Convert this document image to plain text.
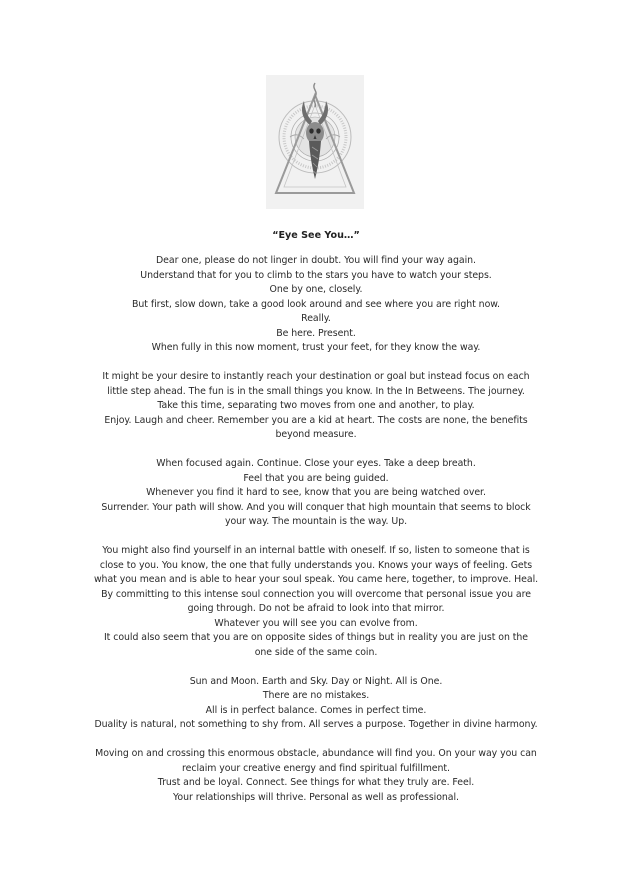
“Eye See You…”
Dear one, please do not linger in doubt. You will find your way again.
Understand that for you to climb to the stars you have to watch your steps.
One by one, closely.
But first, slow down, take a good look around and see where you are right now.
Really.
Be here. Present.
When fully in this now moment, trust your feet, for they know the way.
It might be your desire to instantly reach your destination or goal but instead focus on each
little step ahead. The fun is in the small things you know. In the In Betweens. The journey.
Take this time, separating two moves from one and another, to play.
Enjoy. Laugh and cheer. Remember you are a kid at heart. The costs are none, the benefits
beyond measure.
When focused again. Continue. Close your eyes. Take a deep breath.
Feel that you are being guided.
Whenever you find it hard to see, know that you are being watched over.
Surrender. Your path will show. And you will conquer that high mountain that seems to block
your way. The mountain is the way. Up.
You might also find yourself in an internal battle with oneself. If so, listen to someone that is
close to you. You know, the one that fully understands you. Knows your ways of feeling. Gets
what you mean and is able to hear your soul speak. You came here, together, to improve. Heal.
By committing to this intense soul connection you will overcome that personal issue you are
going through. Do not be afraid to look into that mirror.
Whatever you will see you can evolve from.
It could also seem that you are on opposite sides of things but in reality you are just on the
one side of the same coin.
Sun and Moon. Earth and Sky. Day or Night. All is One.
There are no mistakes.
All is in perfect balance. Comes in perfect time.
Duality is natural, not something to shy from. All serves a purpose. Together in divine harmony.
Moving on and crossing this enormous obstacle, abundance will find you. On your way you can
reclaim your creative energy and find spiritual fulfillment.
Trust and be loyal. Connect. See things for what they truly are. Feel.
Your relationships will thrive. Personal as well as professional.
